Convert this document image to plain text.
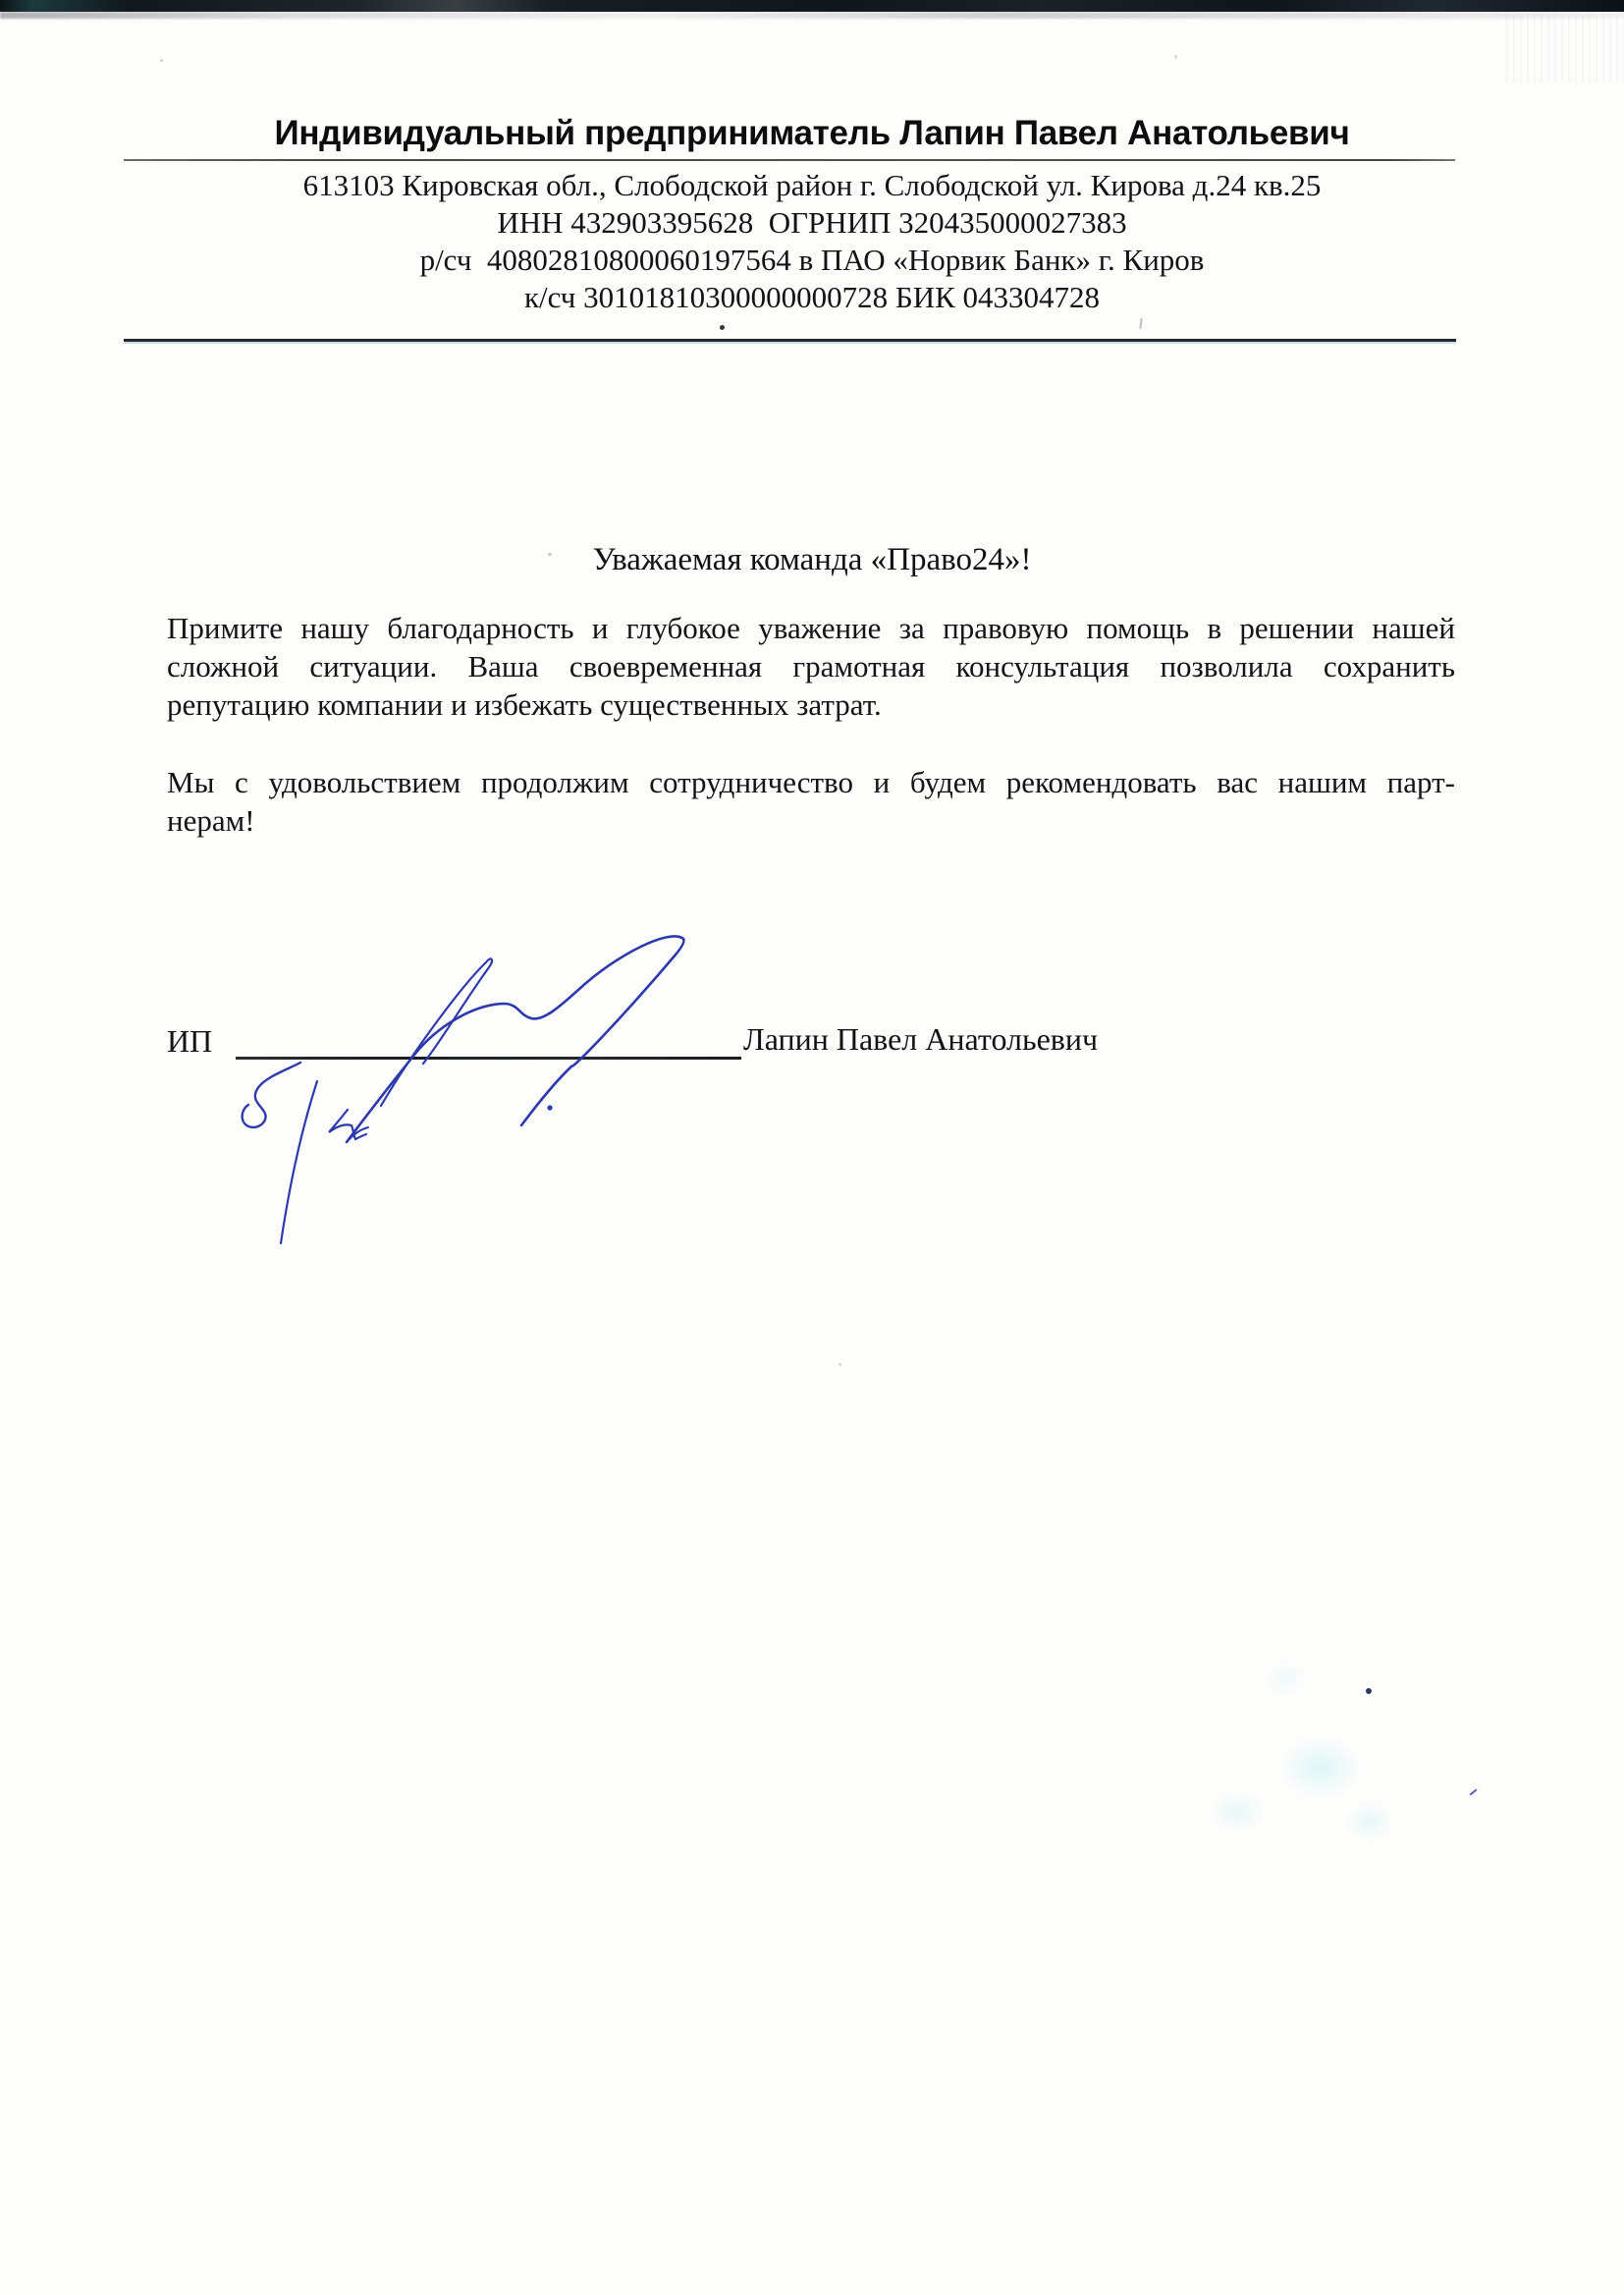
Индивидуальный предприниматель Лапин Павел Анатольевич
613103 Кировская обл., Слободской район г. Слободской ул. Кирова д.24 кв.25
ИНН 432903395628  ОГРНИП 320435000027383
р/сч  40802810800060197564 в ПАО «Норвик Банк» г. Киров
к/сч 30101810300000000728 БИК 043304728
Уважаемая команда «Право24»!
Примите нашу благодарность и глубокое уважение за правовую помощь в решении нашей
сложной ситуации. Ваша своевременная грамотная консультация позволила сохранить
репутацию компании и избежать существенных затрат.
Мы с удовольствием продолжим сотрудничество и будем рекомендовать вас нашим парт-
нерам!
ИП	Лапин Павел Анатольевич
